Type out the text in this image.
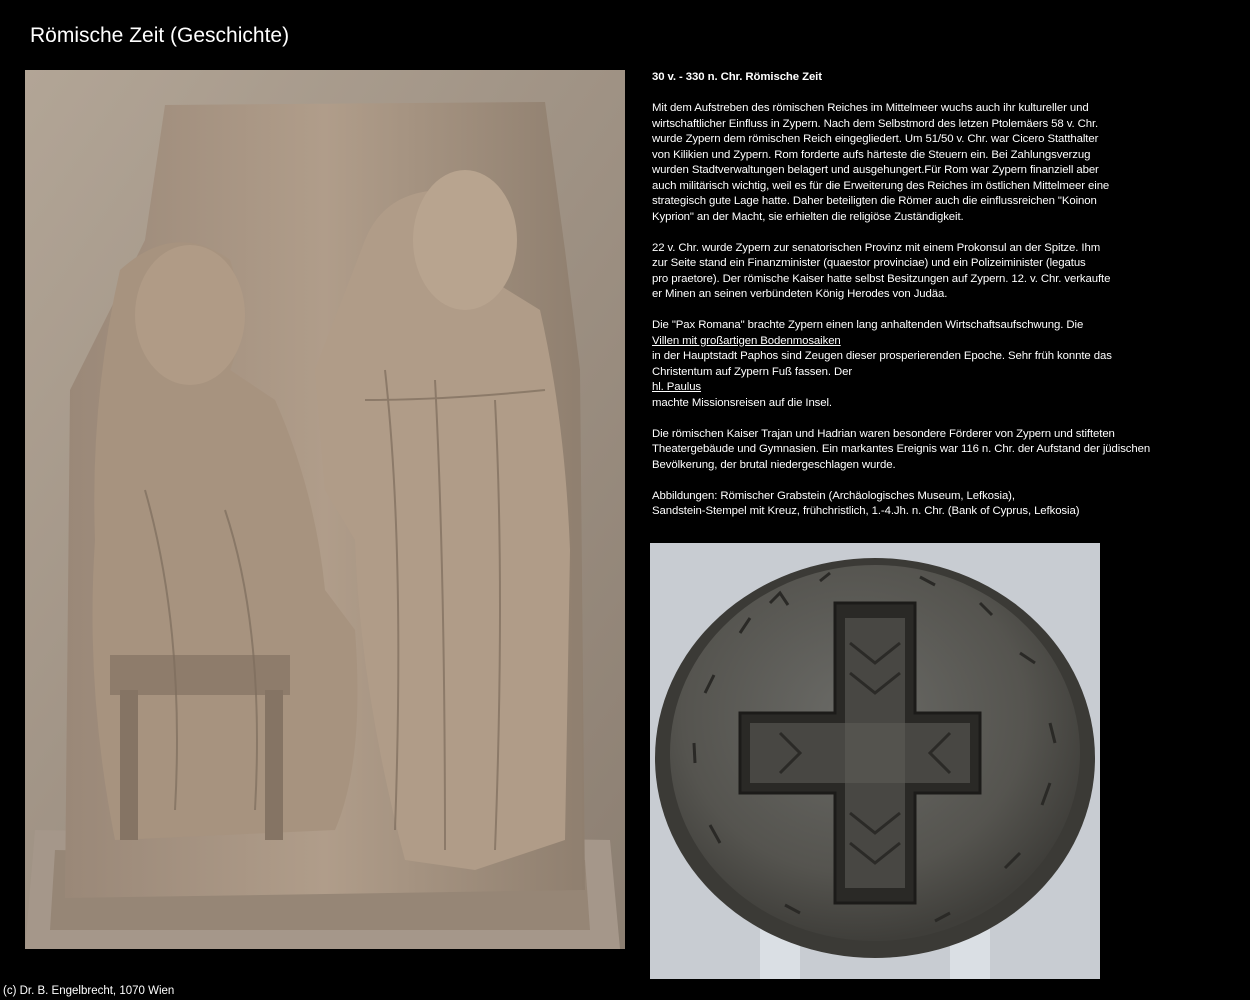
Römische Zeit (Geschichte)

30 v. - 330 n. Chr. Römische Zeit

Mit dem Aufstreben des römischen Reiches im Mittelmeer wuchs auch ihr kultureller und
wirtschaftlicher Einfluss in Zypern. Nach dem Selbstmord des letzen Ptolemäers 58 v. Chr.
wurde Zypern dem römischen Reich eingegliedert. Um 51/50 v. Chr. war Cicero Statthalter
von Kilikien und Zypern. Rom forderte aufs härteste die Steuern ein. Bei Zahlungsverzug
wurden Stadtverwaltungen belagert und ausgehungert.Für Rom war Zypern finanziell aber
auch militärisch wichtig, weil es für die Erweiterung des Reiches im östlichen Mittelmeer eine
strategisch gute Lage hatte. Daher beteiligten die Römer auch die einflussreichen "Koinon
Kyprion" an der Macht, sie erhielten die religiöse Zuständigkeit.

22 v. Chr. wurde Zypern zur senatorischen Provinz mit einem Prokonsul an der Spitze. Ihm
zur Seite stand ein Finanzminister (quaestor provinciae) und ein Polizeiminister (legatus
pro praetore). Der römische Kaiser hatte selbst Besitzungen auf Zypern. 12. v. Chr. verkaufte
er Minen an seinen verbündeten König Herodes von Judäa.

Die "Pax Romana" brachte Zypern einen lang anhaltenden Wirtschaftsaufschwung. Die
Villen mit großartigen Bodenmosaiken
in der Hauptstadt Paphos sind Zeugen dieser prosperierenden Epoche. Sehr früh konnte das
Christentum auf Zypern Fuß fassen. Der
hl. Paulus
machte Missionsreisen auf die Insel.

Die römischen Kaiser Trajan und Hadrian waren besondere Förderer von Zypern und stifteten
Theatergebäude und Gymnasien. Ein markantes Ereignis war 116 n. Chr. der Aufstand der jüdischen
Bevölkerung, der brutal niedergeschlagen wurde.

Abbildungen: Römischer Grabstein (Archäologisches Museum, Lefkosia),
Sandstein-Stempel mit Kreuz, frühchristlich, 1.-4.Jh. n. Chr. (Bank of Cyprus, Lefkosia)

(c) Dr. B. Engelbrecht, 1070 Wien
